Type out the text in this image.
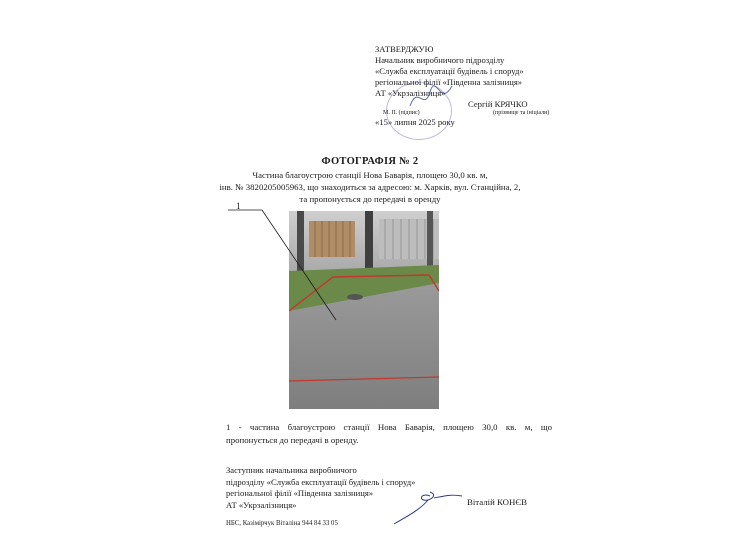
ЗАТВЕРДЖУЮ
Начальник виробничого підрозділу
«Служба експлуатації будівель і споруд»
регіональної філії «Південна залізниця»
АТ «Укрзалізниця»
Сергій КРЯЧКО
М. П. (підпис)	(прізвище та ініціали)
«15» липня 2025 року
ФОТОГРАФІЯ № 2
Частина благоустрою станції Нова Баварія, площею 30,0 кв. м,
інв. № 3820205005963, що знаходиться за адресою: м. Харків, вул. Станційна, 2,
та пропонується до передачі в оренду
1
1 - частина благоустрою станції Нова Баварія, площею 30,0 кв. м, що
пропонується до передачі в оренду.
Заступник начальника виробничого
підрозділу «Служба експлуатації будівель і споруд»
регіональної філії «Південна залізниця»
АТ «Укрзалізниця»	Віталій КОНЄВ
НБС, Казімірчук Віталіна 944 84 33 05
